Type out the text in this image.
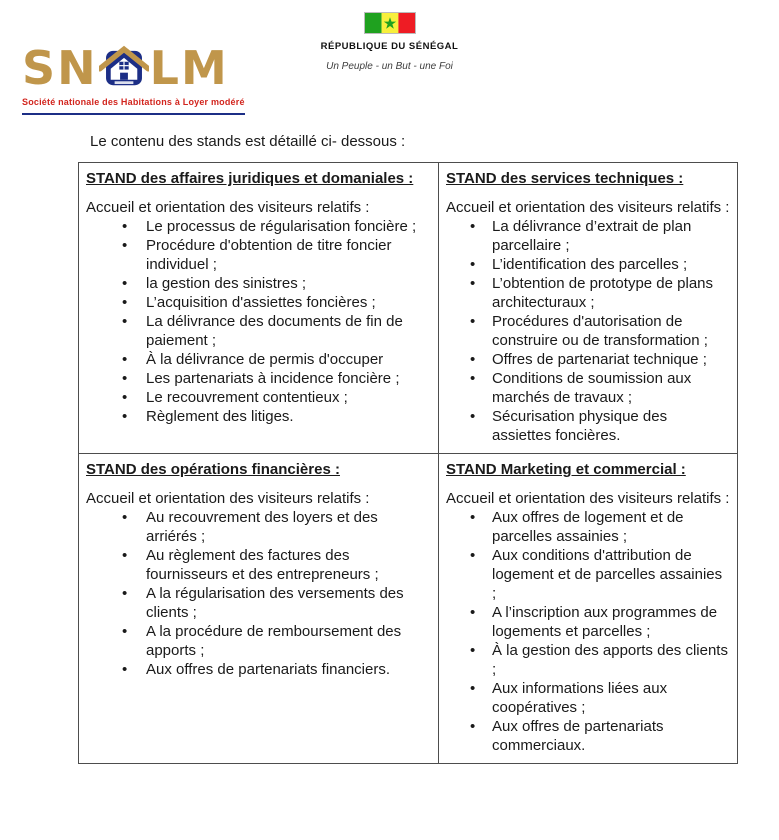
RÉPUBLIQUE DU SÉNÉGAL
Un Peuple - un But - une Foi
SN LM
Société nationale des Habitations à Loyer modéré

Le contenu des stands est détaillé ci- dessous :

STAND des affaires juridiques et domaniales :

Accueil et orientation des visiteurs relatifs :

• Le processus de régularisation foncière ;
• Procédure d'obtention de titre foncier individuel ;
• la gestion des sinistres ;
• L’acquisition d'assiettes foncières ;
• La délivrance des documents de fin de paiement ;
• À la délivrance de permis d'occuper
• Les partenariats à incidence foncière ;
• Le recouvrement contentieux ;
• Règlement des litiges.

STAND des services techniques :

Accueil et orientation des visiteurs relatifs :

• La délivrance d’extrait de plan parcellaire ;
• L’identification des parcelles ;
• L’obtention de prototype de plans architecturaux ;
• Procédures d'autorisation de construire ou de transformation ;
• Offres de partenariat technique ;
• Conditions de soumission aux marchés de travaux ;
• Sécurisation physique des assiettes foncières.

STAND des opérations financières :

Accueil et orientation des visiteurs relatifs :

• Au recouvrement des loyers et des arriérés ;
• Au règlement des factures des fournisseurs et des entrepreneurs ;
• A la régularisation des versements des clients ;
• A la procédure de remboursement des apports ;
• Aux offres de partenariats financiers.

STAND Marketing et commercial :

Accueil et orientation des visiteurs relatifs :

• Aux offres de logement et de parcelles assainies ;
• Aux conditions d'attribution de logement et de parcelles assainies ;
• A l’inscription aux programmes de logements et parcelles ;
• À la gestion des apports des clients ;
• Aux informations liées aux coopératives ;
• Aux offres de partenariats commerciaux.
